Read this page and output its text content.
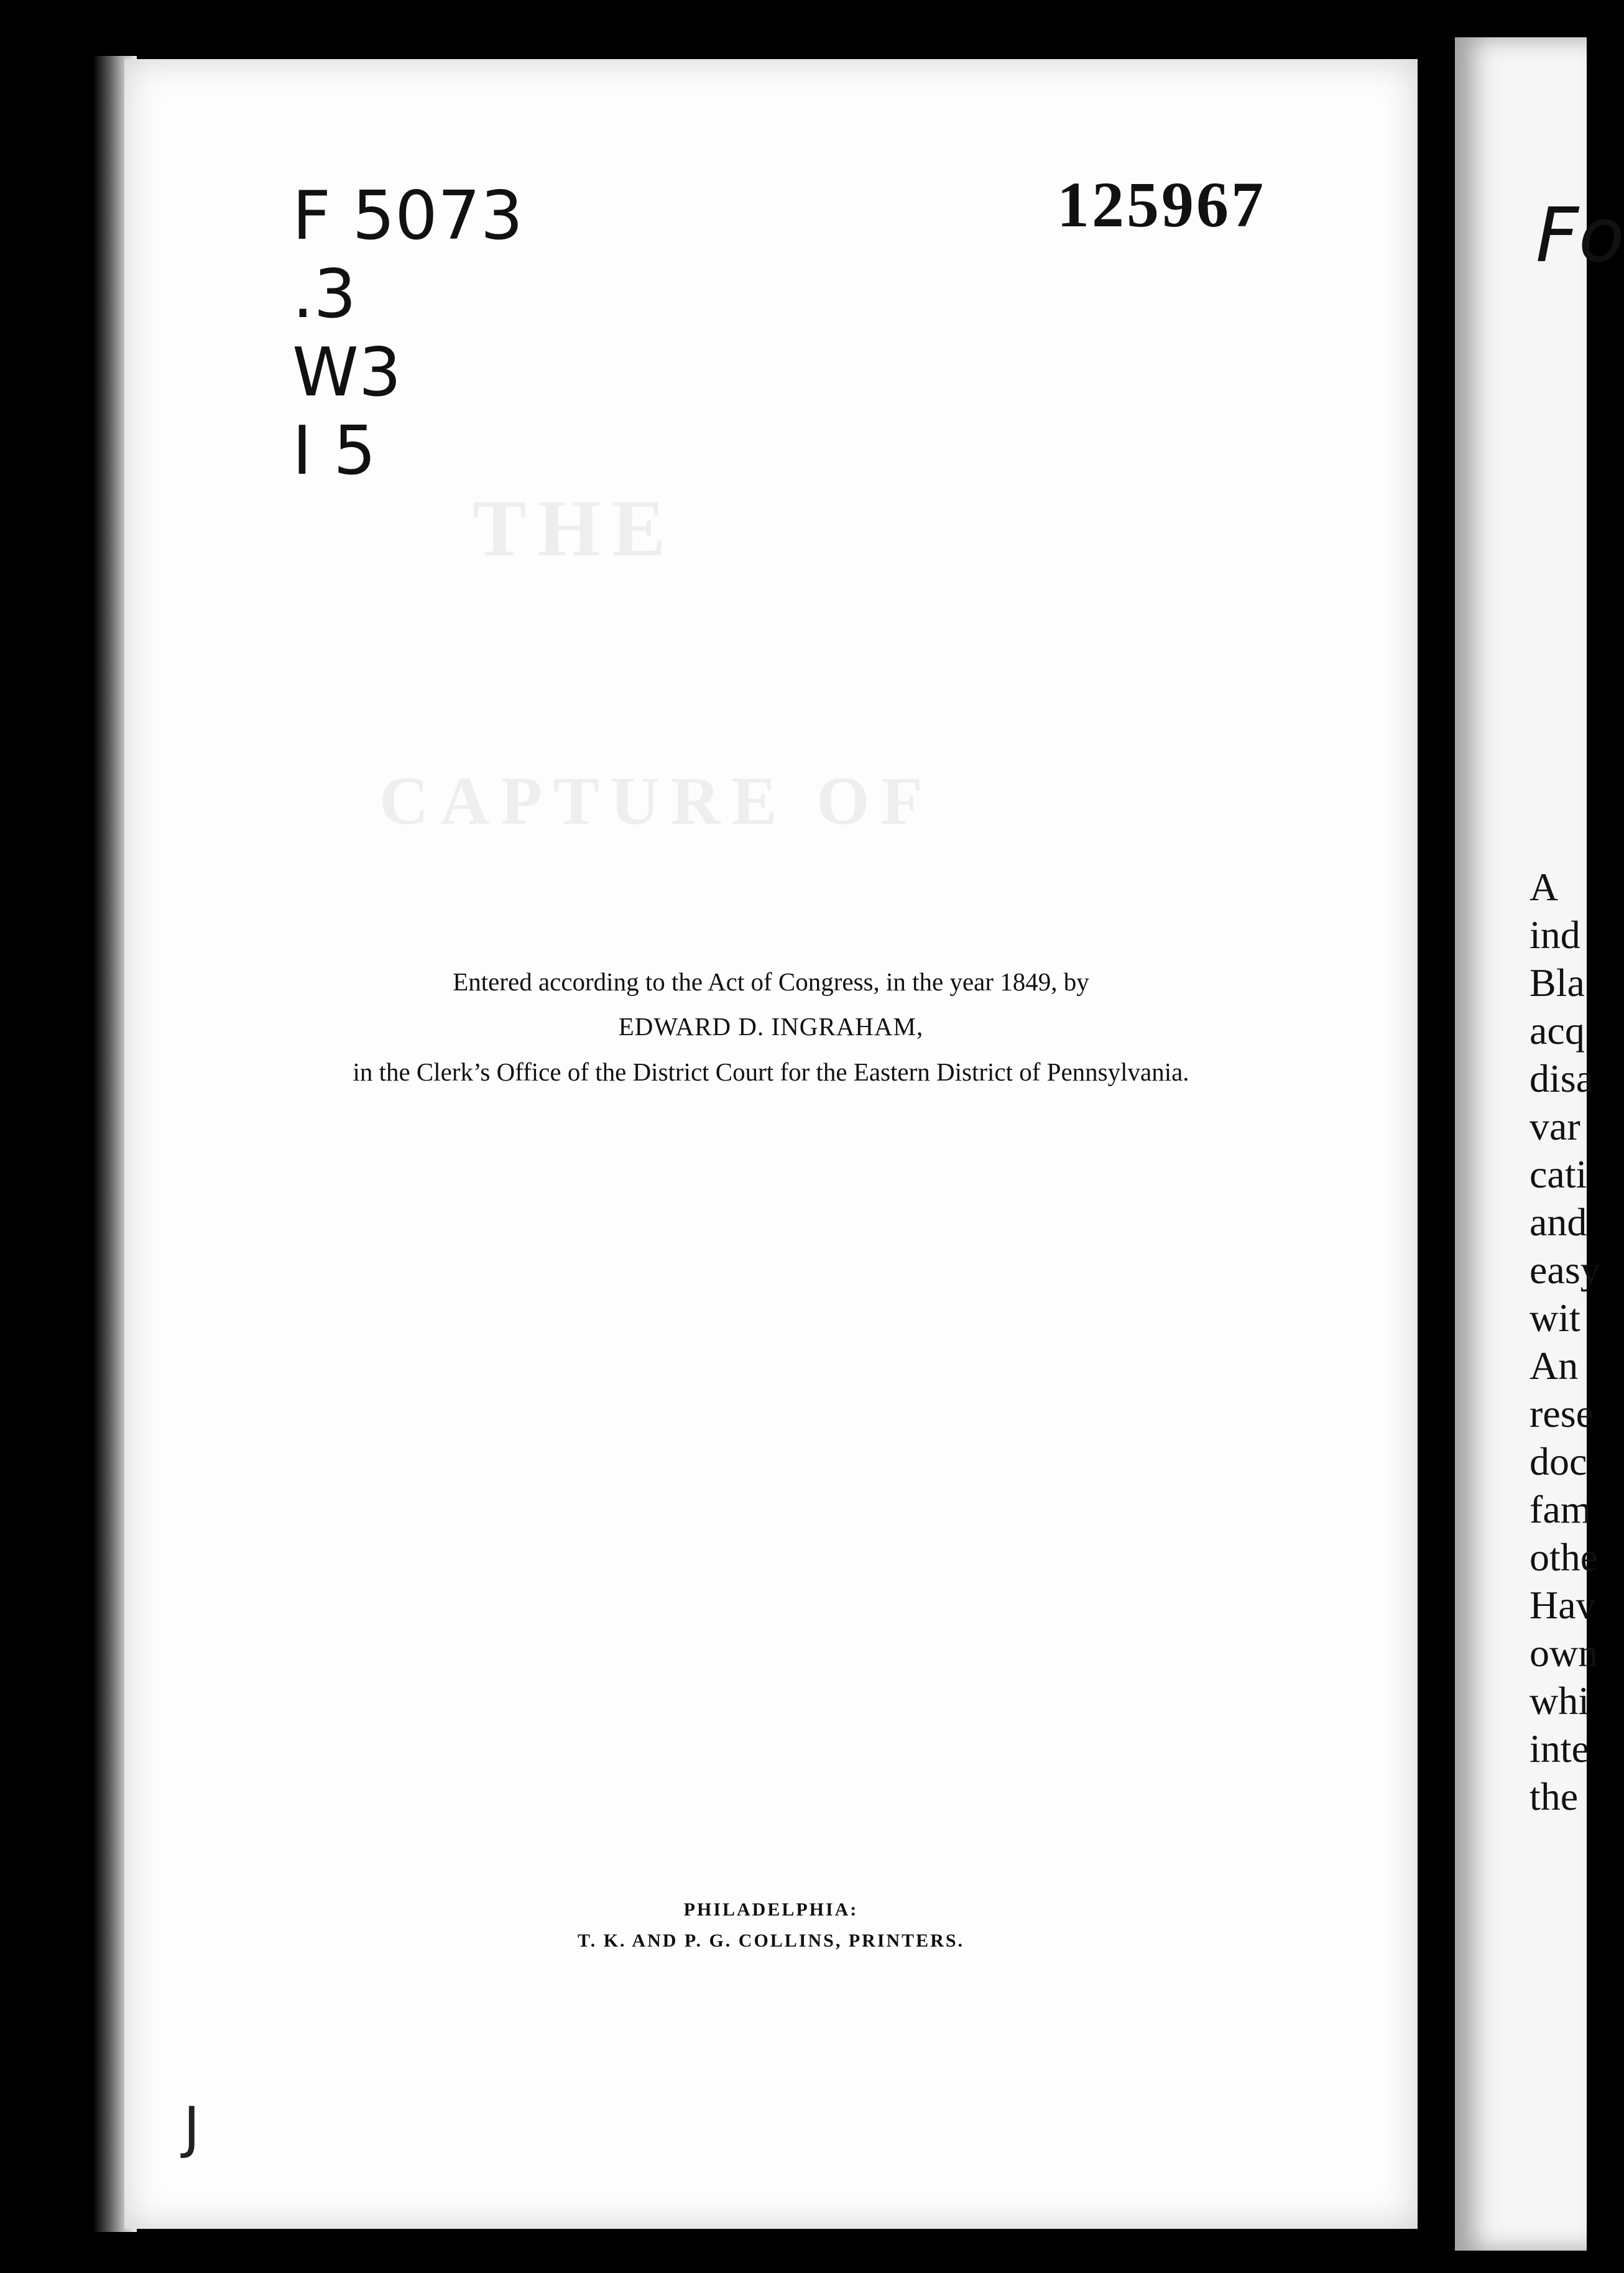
THE
CAPTURE OF
Fo
A
ind
Bla
acq
disa
var
cati
and
easy
wit
An
rese
doc
fam
othe
Hav
own
whi
inte
the
F 5073
.3
W3
I 5
125967
Entered according to the Act of Congress, in the year 1849, by
EDWARD D. INGRAHAM,
in the Clerk’s Office of the District Court for the Eastern District of Pennsylvania.
PHILADELPHIA:
T. K. AND P. G. COLLINS, PRINTERS.
J
